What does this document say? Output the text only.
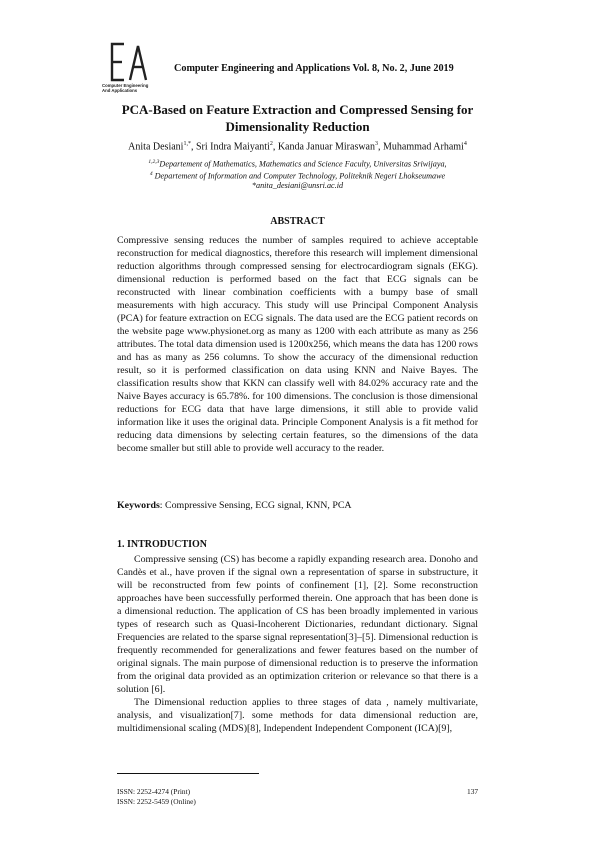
Computer Engineering And Applications
Computer Engineering and Applications Vol. 8, No. 2, June 2019
PCA-Based on Feature Extraction and Compressed Sensing for Dimensionality Reduction
Anita Desiani$^{1,*}$, Sri Indra Maiyanti$^2$, Kanda Januar Miraswan$^3$, Muhammad Arhami$^4$
$^{1,2,3}$Departement of Mathematics, Mathematics and Science Faculty, Universitas Sriwijaya,
$^4$ Departement of Information and Computer Technology, Politeknik Negeri Lhokseumawe
*anita_desiani@unsri.ac.id
ABSTRACT
Compressive sensing reduces the number of samples required to achieve acceptable reconstruction for medical diagnostics, therefore this research will implement dimensional reduction algorithms through compressed sensing for electrocardiogram signals (EKG). dimensional reduction is performed based on the fact that ECG signals can be reconstructed with linear combination coefficients with a bumpy base of small measurements with high accuracy. This study will use Principal Component Analysis (PCA) for feature extraction on ECG signals. The data used are the ECG patient records on the website page www.physionet.org as many as 1200 with each attribute as many as 256 attributes. The total data dimension used is 1200x256, which means the data has 1200 rows and has as many as 256 columns. To show the accuracy of the dimensional reduction result, so it is performed classification on data using KNN and Naive Bayes. The classification results show that KKN can classify well with 84.02% accuracy rate and the Naive Bayes accuracy is 65.78%. for 100 dimensions. The conclusion is those dimensional reductions for ECG data that have large dimensions, it still able to provide valid information like it uses the original data. Principle Component Analysis is a fit method for reducing data dimensions by selecting certain features, so the dimensions of the data become smaller but still able to provide well accuracy to the reader.
Keywords: Compressive Sensing, ECG signal, KNN, PCA
1. INTRODUCTION

Compressive sensing (CS) has become a rapidly expanding research area. Donoho and Candès et al., have proven if the signal own a representation of sparse in substructure, it will be reconstructed from few points of confinement [1], [2]. Some reconstruction approaches have been successfully performed therein. One approach that has been done is a dimensional reduction. The application of CS has been broadly implemented in various types of research such as Quasi-Incoherent Dictionaries, redundant dictionary. Signal Frequencies are related to the sparse signal representation[3]–[5]. Dimensional reduction is frequently recommended for generalizations and fewer features based on the number of original signals. The main purpose of dimensional reduction is to preserve the information from the original data provided as an optimization criterion or relevance so that there is a solution [6].

The Dimensional reduction applies to three stages of data , namely multivariate, analysis, and visualization[7]. some methods for data dimensional reduction are, multidimensional scaling (MDS)[8], Independent Independent Component (ICA)[9],

ISSN: 2252-4274 (Print)
ISSN: 2252-5459 (Online)
137
